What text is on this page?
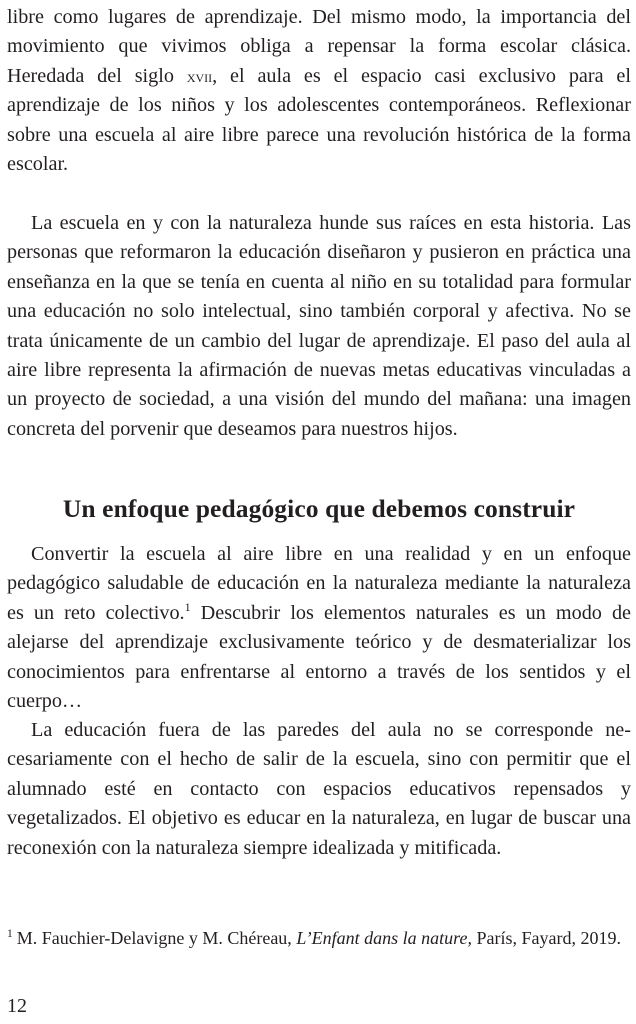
libre como lugares de aprendizaje. Del mismo modo, la importancia del movimiento que vivimos obliga a repensar la forma escolar clásica. Heredada del siglo xvii, el aula es el espacio casi exclusivo para el aprendizaje de los niños y los adolescentes contemporáneos. Reflexionar sobre una escuela al aire libre parece una revolución histórica de la forma escolar.

La escuela en y con la naturaleza hunde sus raíces en esta historia. Las personas que reformaron la educación diseñaron y pusieron en práctica una enseñanza en la que se tenía en cuenta al niño en su totalidad para formular una educación no solo intelectual, sino también corporal y afectiva. No se trata únicamente de un cambio del lugar de aprendizaje. El paso del aula al aire libre representa la afirmación de nuevas metas educativas vinculadas a un proyecto de sociedad, a una visión del mundo del mañana: una imagen concreta del porvenir que deseamos para nuestros hijos.

Un enfoque pedagógico que debemos construir

Convertir la escuela al aire libre en una realidad y en un enfoque pedagógico saludable de educación en la naturaleza mediante la naturaleza es un reto colectivo.$^1$ Descubrir los elementos naturales es un modo de alejarse del aprendizaje exclusivamente teórico y de desmaterializar los conocimientos para enfrentarse al entorno a través de los sentidos y el cuerpo…

La educación fuera de las paredes del aula no se corresponde necesariamente con el hecho de salir de la escuela, sino con permitir que el alumnado esté en contacto con espacios educativos repensados y vegetalizados. El objetivo es educar en la naturaleza, en lugar de buscar una reconexión con la naturaleza siempre idealizada y mitificada.

$^1$ M. Fauchier-Delavigne y M. Chéreau, L’Enfant dans la nature, París, Fayard, 2019.

12
